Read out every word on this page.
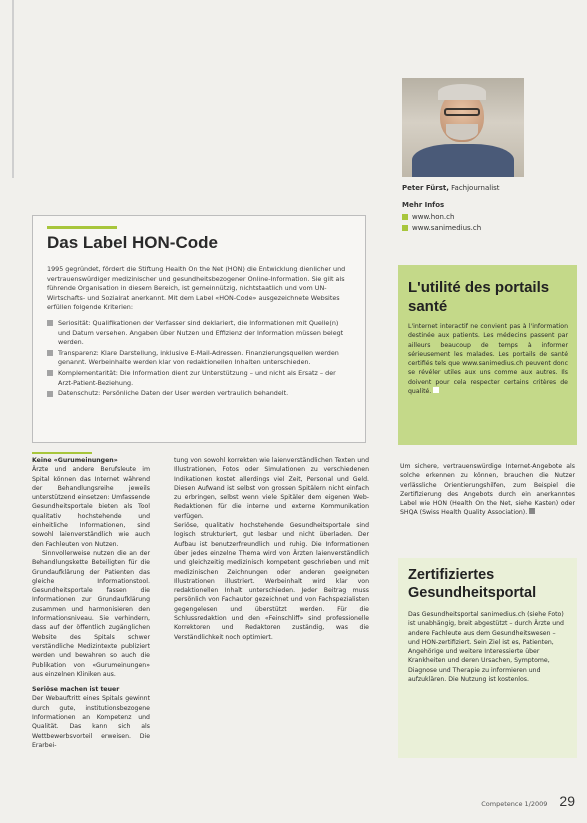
Peter Fürst, Fachjournalist
Mehr Infos
www.hon.ch
www.sanimedius.ch
Das Label HON-Code
1995 gegründet, fördert die Stiftung Health On the Net (HON) die Entwicklung dienlicher und vertrauenswürdiger medizinischer und gesundheitsbezogener Online-Information. Sie gilt als führende Organisation in diesem Bereich, ist gemeinnützig, nichtstaatlich und vom UN-Wirtschafts- und Sozialrat anerkannt. Mit dem Label «HON-Code» ausgezeichnete Websites erfüllen folgende Kriterien:
Seriosität: Qualifikationen der Verfasser sind deklariert, die Informationen mit Quelle(n) und Datum versehen. Angaben über Nutzen und Effizienz der Information müssen belegt werden.
Transparenz: Klare Darstellung, inklusive E-Mail-Adressen. Finanzierungsquellen werden genannt. Werbeinhalte werden klar von redaktionellen Inhalten unterschieden.
Komplementarität: Die Information dient zur Unterstützung – und nicht als Ersatz – der Arzt-Patient-Beziehung.
Datenschutz: Persönliche Daten der User werden vertraulich behandelt.
L'utilité des portails santé
L'internet interactif ne convient pas à l'information destinée aux patients. Les médecins passent par ailleurs beaucoup de temps à informer sérieusement les malades. Les portails de santé certifiés tels que www.sanimedius.ch peuvent donc se révéler utiles aux uns comme aux autres. Ils doivent pour cela respecter certains critères de qualité.

Keine «Gurumeinungen»

Ärzte und andere Berufsleute im Spital können das Internet während der Behandlungsreihe jeweils unterstützend einsetzen: Umfassende Gesundheitsportale bieten als Tool qualitativ hochstehende und einheitliche Informationen, sind sowohl laienverständlich wie auch den Fachleuten von Nutzen.

Sinnvollerweise nutzen die an der Behandlungskette Beteiligten für die Grundaufklärung der Patienten das gleiche Informationstool. Gesundheitsportale fassen die Informationen zur Grundaufklärung zusammen und harmonisieren den Informationsniveau. Sie verhindern, dass auf der öffentlich zugänglichen Website des Spitals schwer verständliche Medizintexte publiziert werden und bewahren so auch die Publikation von «Gurumeinungen» aus einzelnen Kliniken aus.

Seriöse machen ist teuer

Der Webauftritt eines Spitals gewinnt durch gute, institutionsbezogene Informationen an Kompetenz und Qualität. Das kann sich als Wettbewerbsvorteil erweisen. Die Erarbei-

tung von sowohl korrekten wie laienverständlichen Texten und Illustrationen, Fotos oder Simulationen zu verschiedenen Indikationen kostet allerdings viel Zeit, Personal und Geld. Diesen Aufwand ist selbst von grossen Spitälern nicht einfach zu erbringen, selbst wenn viele Spitäler dem eigenen Web-Redaktionen für die interne und externe Kommunikation verfügen.

Seriöse, qualitativ hochstehende Gesundheitsportale sind logisch strukturiert, gut lesbar und nicht überladen. Der Aufbau ist benutzerfreundlich und ruhig. Die Informationen über jedes einzelne Thema wird von Ärzten laienverständlich und gleichzeitig medizinisch kompetent geschrieben und mit medizinischen Zeichnungen oder anderen geeigneten Illustrationen illustriert. Werbeinhalt wird klar von redaktionellen Inhalt unterschieden. Jeder Beitrag muss persönlich von Fachautor gezeichnet und von Fachspezialisten gegengelesen und überstützt werden. Für die Schlussredaktion und den «Feinschliff» sind professionelle Korrektoren und Redaktoren zuständig, was die Verständlichkeit noch optimiert.

Um sichere, vertrauenswürdige Internet-Angebote als solche erkennen zu können, brauchen die Nutzer verlässliche Orientierungshilfen, zum Beispiel die Zertifizierung des Angebots durch ein anerkanntes Label wie HON (Health On the Net, siehe Kasten) oder SHQA (Swiss Health Quality Association).

Zertifiziertes Gesundheitsportal
Das Gesundheitsportal sanimedius.ch (siehe Foto) ist unabhängig, breit abgestützt – durch Ärzte und andere Fachleute aus dem Gesundheitswesen – und HON-zertifiziert. Sein Ziel ist es, Patienten, Angehörige und weitere Interessierte über Krankheiten und deren Ursachen, Symptome, Diagnose und Therapie zu informieren und aufzuklären. Die Nutzung ist kostenlos.
Competence 1/2009 29
